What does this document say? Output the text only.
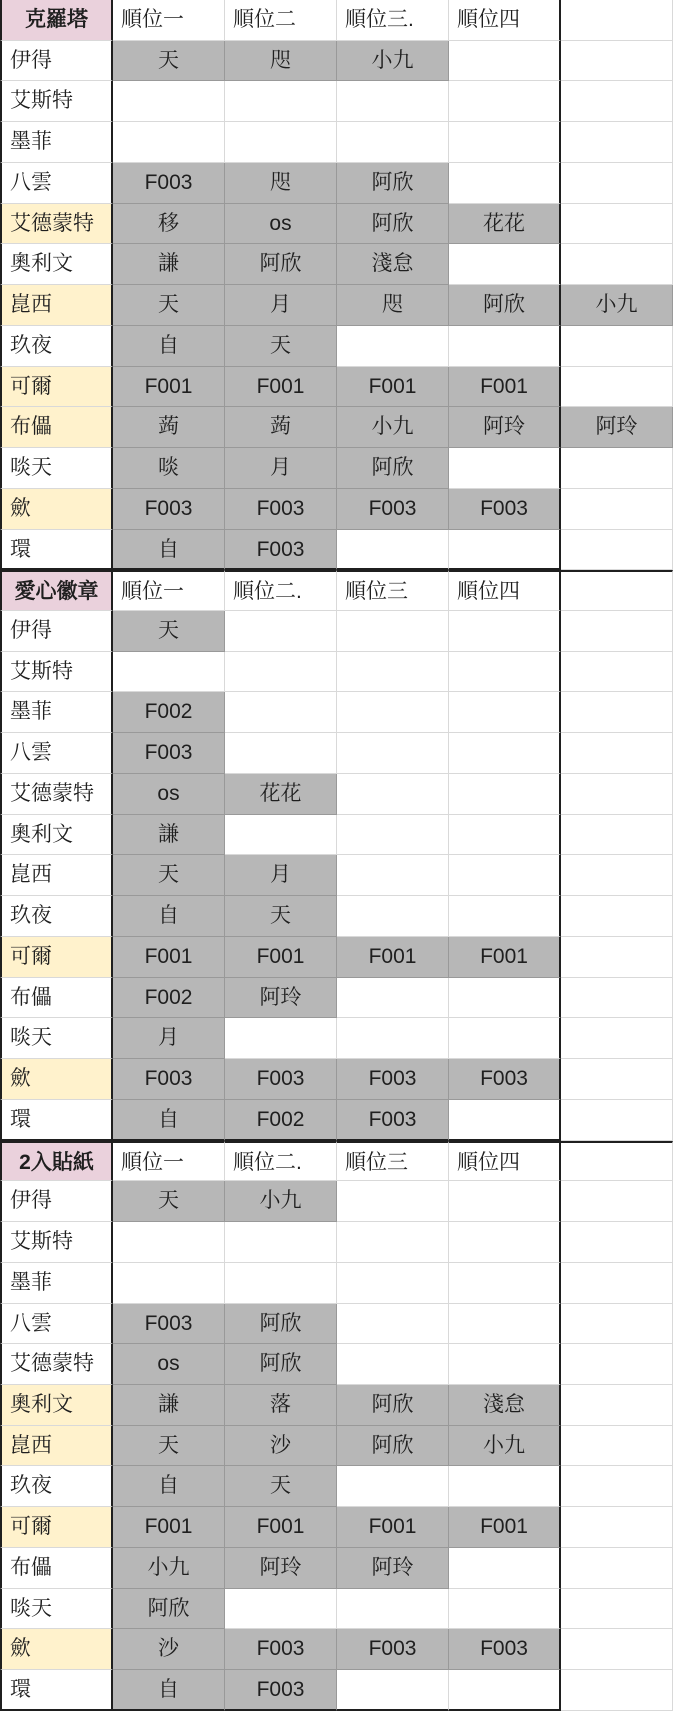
克羅塔	順位一	順位二	順位三.	順位四
伊得	天	咫	小九
艾斯特
墨菲
八雲	F003	咫	阿欣
艾德蒙特	移	os	阿欣	花花
奧利文	謙	阿欣	淺怠
崑西	天	月	咫	阿欣	小九
玖夜	自	天
可爾	F001	F001	F001	F001
布儡	蒟	蒟	小九	阿玲	阿玲
啖天	啖	月	阿欣
歛	F003	F003	F003	F003
環	自	F003
愛心徽章	順位一	順位二.	順位三	順位四
伊得	天
艾斯特
墨菲	F002
八雲	F003
艾德蒙特	os	花花
奧利文	謙
崑西	天	月
玖夜	自	天
可爾	F001	F001	F001	F001
布儡	F002	阿玲
啖天	月
歛	F003	F003	F003	F003
環	自	F002	F003
2入貼紙	順位一	順位二.	順位三	順位四
伊得	天	小九
艾斯特
墨菲
八雲	F003	阿欣
艾德蒙特	os	阿欣
奧利文	謙	落	阿欣	淺怠
崑西	天	沙	阿欣	小九
玖夜	自	天
可爾	F001	F001	F001	F001
布儡	小九	阿玲	阿玲
啖天	阿欣
歛	沙	F003	F003	F003
環	自	F003
